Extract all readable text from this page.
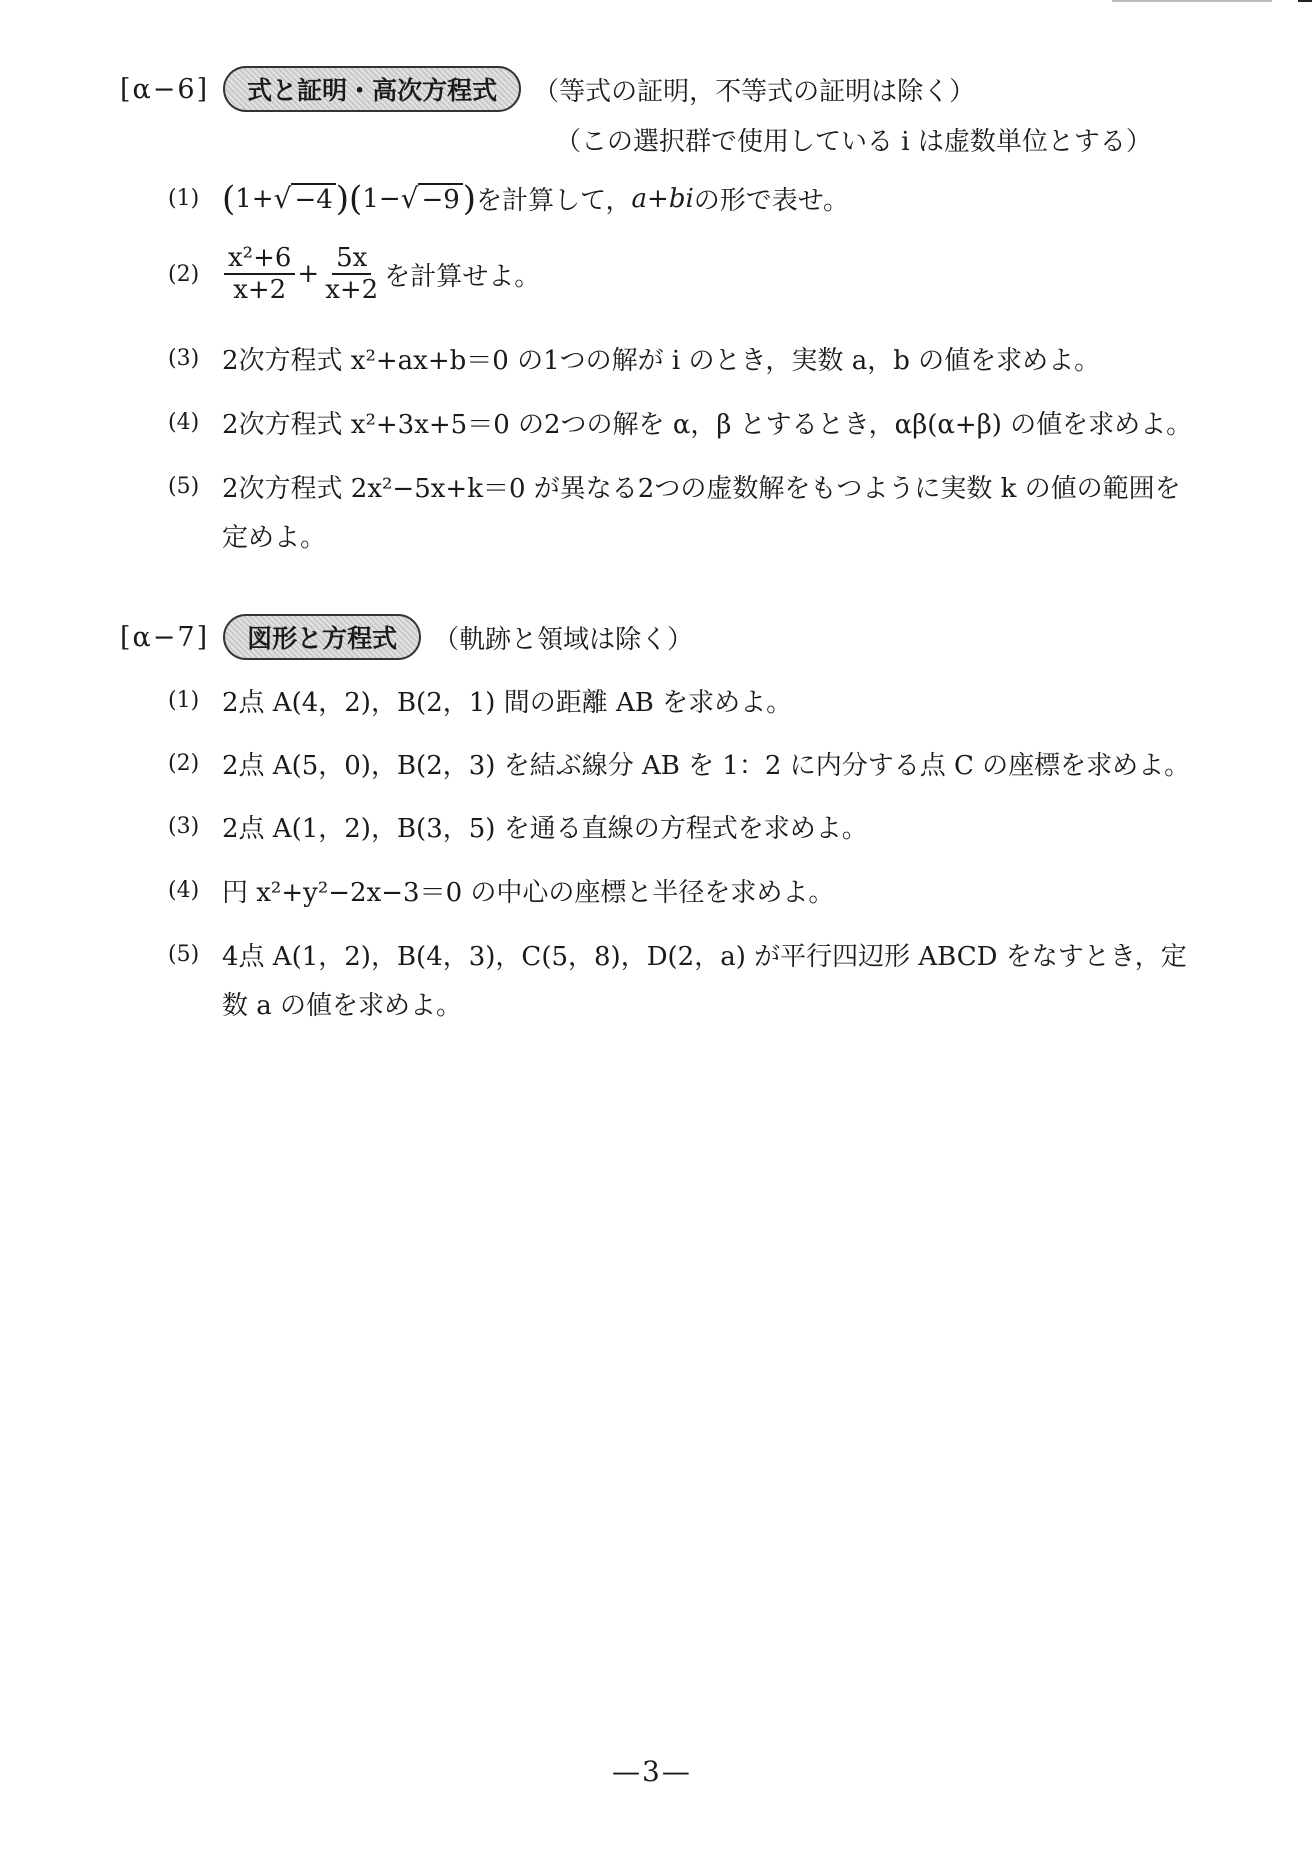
[α−6]	式と証明・高次方程式	（等式の証明，不等式の証明は除く）
（この選択群で使用している i は虚数単位とする）
(1) ( 1+ √ −4 )( 1− √ −9 ) を計算して， a+bi の形で表せ。
$(2) \frac{\text{x²+6}}{x+2} + \frac{5x}{x+2}$ を計算せよ。
(3) 2次方程式 x²+ax+b＝0 の1つの解が i のとき，実数 a，b の値を求めよ。
(4) 2次方程式 x²+3x+5＝0 の2つの解を α，β とするとき，αβ(α+β) の値を求めよ。
(5) 2次方程式 2x²−5x+k＝0 が異なる2つの虚数解をもつように実数 k の値の範囲を
定めよ。
[α−7]	図形と方程式	（軌跡と領域は除く）
(1) 2点 A(4，2)，B(2，1) 間の距離 AB を求めよ。
(2) 2点 A(5，0)，B(2，3) を結ぶ線分 AB を 1：2 に内分する点 C の座標を求めよ。
(3) 2点 A(1，2)，B(3，5) を通る直線の方程式を求めよ。
(4) 円 x²+y²−2x−3＝0 の中心の座標と半径を求めよ。
(5) 4点 A(1，2)，B(4，3)，C(5，8)，D(2，a) が平行四辺形 ABCD をなすとき，定
数 a の値を求めよ。
—3—
